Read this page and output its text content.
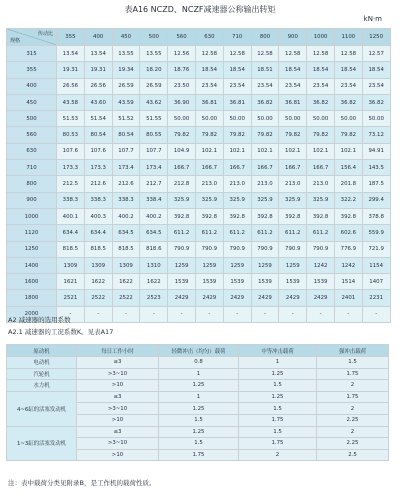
表A16 NCZD、NCZF减速器公称输出转矩
kN·m
传动比
规格	355	400	450	500	560	630	710	800	900	1000	1100	1250
315	13.54	13.54	13.55	13.55	12.56	12.58	12.58	12.58	12.58	12.58	12.58	12.57
355	19.31	19.31	19.34	18.20	18.76	18.54	18.54	18.51	18.54	18.54	18.54	18.54
400	26.56	26.56	26.59	26.59	23.50	23.54	23.54	23.54	23.54	23.54	23.54	23.54
450	43.58	43.60	43.59	43.62	36.90	36.81	36.81	36.82	36.81	36.82	36.82	36.82
500	51.53	51.54	51.52	51.55	50.00	50.00	50.00	50.00	50.00	50.00	50.00	50.00
560	80.53	80.54	80.54	80.55	79.82	79.82	79.82	79.82	79.82	79.82	79.82	73.12
630	107.6	107.6	107.7	107.7	104.9	102.1	102.1	102.1	102.1	102.1	102.1	94.91
710	173.3	173.3	173.4	173.4	166.7	166.7	166.7	166.7	166.7	166.7	156.4	143.5
800	212.5	212.6	212.6	212.7	212.8	213.0	213.0	213.0	213.0	213.0	201.8	187.5
900	338.3	338.3	338.3	338.4	325.9	325.9	325.9	325.9	325.9	325.9	322.2	299.4
1000	400.1	400.3	400.2	400.2	392.8	392.8	392.8	392.8	392.8	392.8	392.8	378.8
1120	634.4	634.4	634.5	634.5	611.2	611.2	611.2	611.2	611.2	611.2	602.6	559.9
1250	818.5	818.5	818.5	818.6	790.9	790.9	790.9	790.9	790.9	790.9	776.9	721.9
1400	1309	1309	1309	1310	1259	1259	1259	1259	1259	1242	1242	1154
1600	1621	1622	1622	1622	1539	1539	1539	1539	1539	1539	1514	1407
1800	2521	2522	2522	2523	2429	2429	2429	2429	2429	2429	2401	2231
2000	-	-	-	-	-	-	-	-	-	-	-	-
A2 减速器的选用系数
A2.1 减速器的工况系数K。见表A17
原动机	每日工作小时	轻微冲击（均匀）载荷	中等冲击载荷	强冲击载荷
电动机	≤3	0.8	1	1.5
汽轮机	>3~10	1	1.25	1.75
水力机	>10	1.25	1.5	2
4~6缸的活塞发动机	≤3	1	1.25	1.75
	>3~10	1.25	1.5	2
	>10	1.5	1.75	2.25
1~3缸的活塞发动机	≤3	1.25	1.5	2
	>3~10	1.5	1.75	2.25
	>10	1.75	2	2.5
注：表中载荷分类见附录B，是工作机的载荷性质。
